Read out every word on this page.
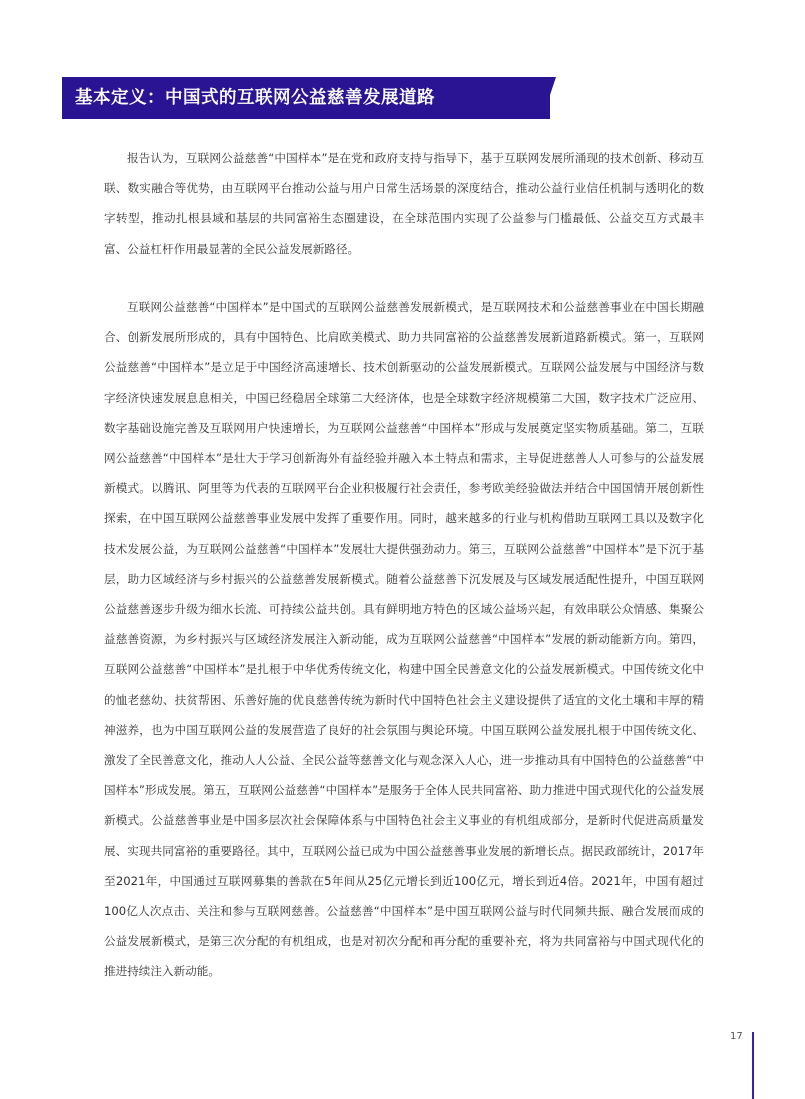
基本定义：中国式的互联网公益慈善发展道路

报告认为，互联网公益慈善“中国样本”是在党和政府支持与指导下，基于互联网发展所涌现的技术创新、移动互联、数实融合等优势，由互联网平台推动公益与用户日常生活场景的深度结合，推动公益行业信任机制与透明化的数字转型，推动扎根县域和基层的共同富裕生态圈建设，在全球范围内实现了公益参与门槛最低、公益交互方式最丰富、公益杠杆作用最显著的全民公益发展新路径。

互联网公益慈善“中国样本”是中国式的互联网公益慈善发展新模式，是互联网技术和公益慈善事业在中国长期融合、创新发展所形成的，具有中国特色、比肩欧美模式、助力共同富裕的公益慈善发展新道路新模式。第一，互联网公益慈善“中国样本”是立足于中国经济高速增长、技术创新驱动的公益发展新模式。互联网公益发展与中国经济与数字经济快速发展息息相关，中国已经稳居全球第二大经济体，也是全球数字经济规模第二大国，数字技术广泛应用、数字基础设施完善及互联网用户快速增长，为互联网公益慈善“中国样本”形成与发展奠定坚实物质基础。第二，互联网公益慈善“中国样本”是壮大于学习创新海外有益经验并融入本土特点和需求，主导促进慈善人人可参与的公益发展新模式。以腾讯、阿里等为代表的互联网平台企业积极履行社会责任，参考欧美经验做法并结合中国国情开展创新性探索，在中国互联网公益慈善事业发展中发挥了重要作用。同时，越来越多的行业与机构借助互联网工具以及数字化技术发展公益，为互联网公益慈善“中国样本”发展壮大提供强劲动力。第三，互联网公益慈善“中国样本”是下沉于基层，助力区域经济与乡村振兴的公益慈善发展新模式。随着公益慈善下沉发展及与区域发展适配性提升，中国互联网公益慈善逐步升级为细水长流、可持续公益共创。具有鲜明地方特色的区域公益场兴起，有效串联公众情感、集聚公益慈善资源，为乡村振兴与区域经济发展注入新动能，成为互联网公益慈善“中国样本”发展的新动能新方向。第四，互联网公益慈善“中国样本”是扎根于中华优秀传统文化，构建中国全民善意文化的公益发展新模式。中国传统文化中的恤老慈幼、扶贫帮困、乐善好施的优良慈善传统为新时代中国特色社会主义建设提供了适宜的文化土壤和丰厚的精神滋养，也为中国互联网公益的发展营造了良好的社会氛围与舆论环境。中国互联网公益发展扎根于中国传统文化、激发了全民善意文化，推动人人公益、全民公益等慈善文化与观念深入人心，进一步推动具有中国特色的公益慈善“中国样本”形成发展。第五，互联网公益慈善“中国样本”是服务于全体人民共同富裕、助力推进中国式现代化的公益发展新模式。公益慈善事业是中国多层次社会保障体系与中国特色社会主义事业的有机组成部分，是新时代促进高质量发展、实现共同富裕的重要路径。其中，互联网公益已成为中国公益慈善事业发展的新增长点。据民政部统计，2017年至2021年，中国通过互联网募集的善款在5年间从25亿元增长到近100亿元，增长到近4倍。2021年，中国有超过100亿人次点击、关注和参与互联网慈善。公益慈善“中国样本”是中国互联网公益与时代同频共振、融合发展而成的公益发展新模式，是第三次分配的有机组成，也是对初次分配和再分配的重要补充，将为共同富裕与中国式现代化的推进持续注入新动能。

17
